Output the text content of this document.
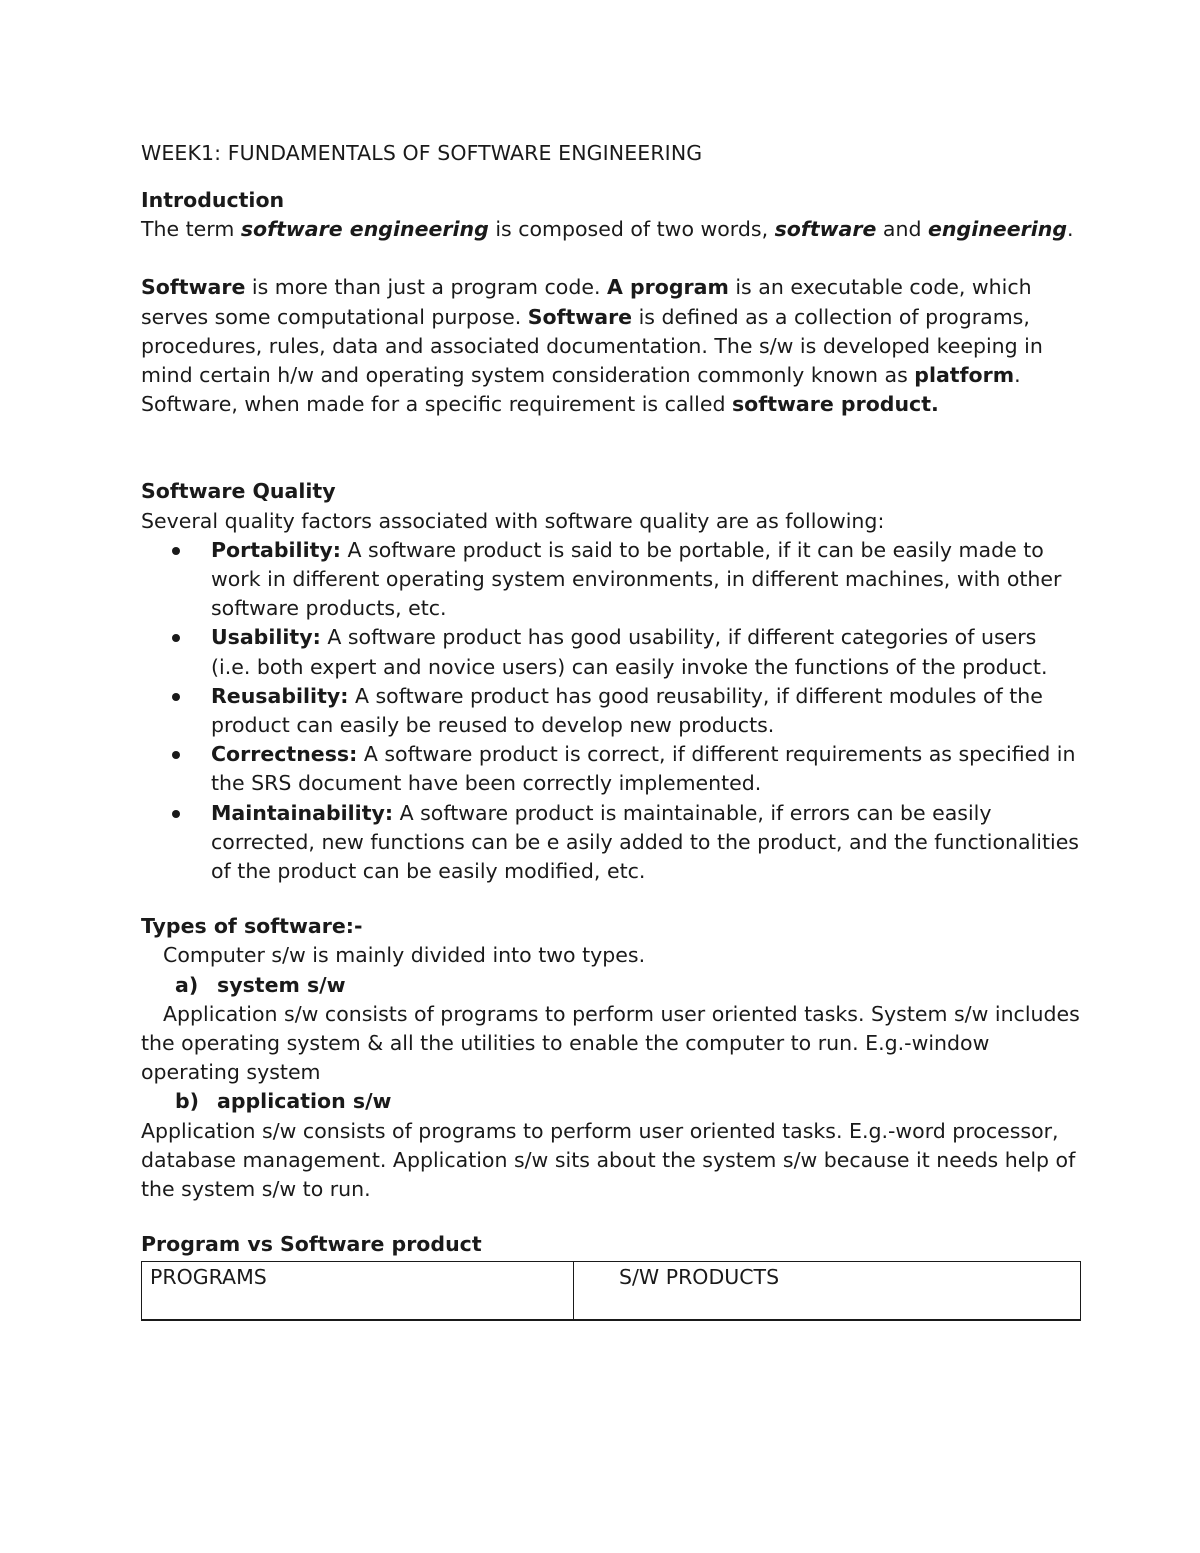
WEEK1: FUNDAMENTALS OF SOFTWARE ENGINEERING

Introduction

The term software engineering is composed of two words, software and engineering.

Software is more than just a program code. A program is an executable code, which serves some computational purpose. Software is defined as a collection of programs, procedures, rules, data and associated documentation. The s/w is developed keeping in mind certain h/w and operating system consideration commonly known as platform. Software, when made for a specific requirement is called software product.

Software Quality

Several quality factors associated with software quality are as following:

Portability: A software product is said to be portable, if it can be easily made to work in different operating system environments, in different machines, with other software products, etc.
Usability: A software product has good usability, if different categories of users (i.e. both expert and novice users) can easily invoke the functions of the product.
Reusability: A software product has good reusability, if different modules of the product can easily be reused to develop new products.
Correctness: A software product is correct, if different requirements as specified in the SRS document have been correctly implemented.
Maintainability: A software product is maintainable, if errors can be easily corrected, new functions can be e asily added to the product, and the functionalities of the product can be easily modified, etc.

Types of software:-

Computer s/w is mainly divided into two types.

a) system s/w

Application s/w consists of programs to perform user oriented tasks. System s/w includes the operating system & all the utilities to enable the computer to run. E.g.-window operating system

b) application s/w

Application s/w consists of programs to perform user oriented tasks. E.g.-word processor, database management. Application s/w sits about the system s/w because it needs help of the system s/w to run.

Program vs Software product

PROGRAMS	S/W PRODUCTS
